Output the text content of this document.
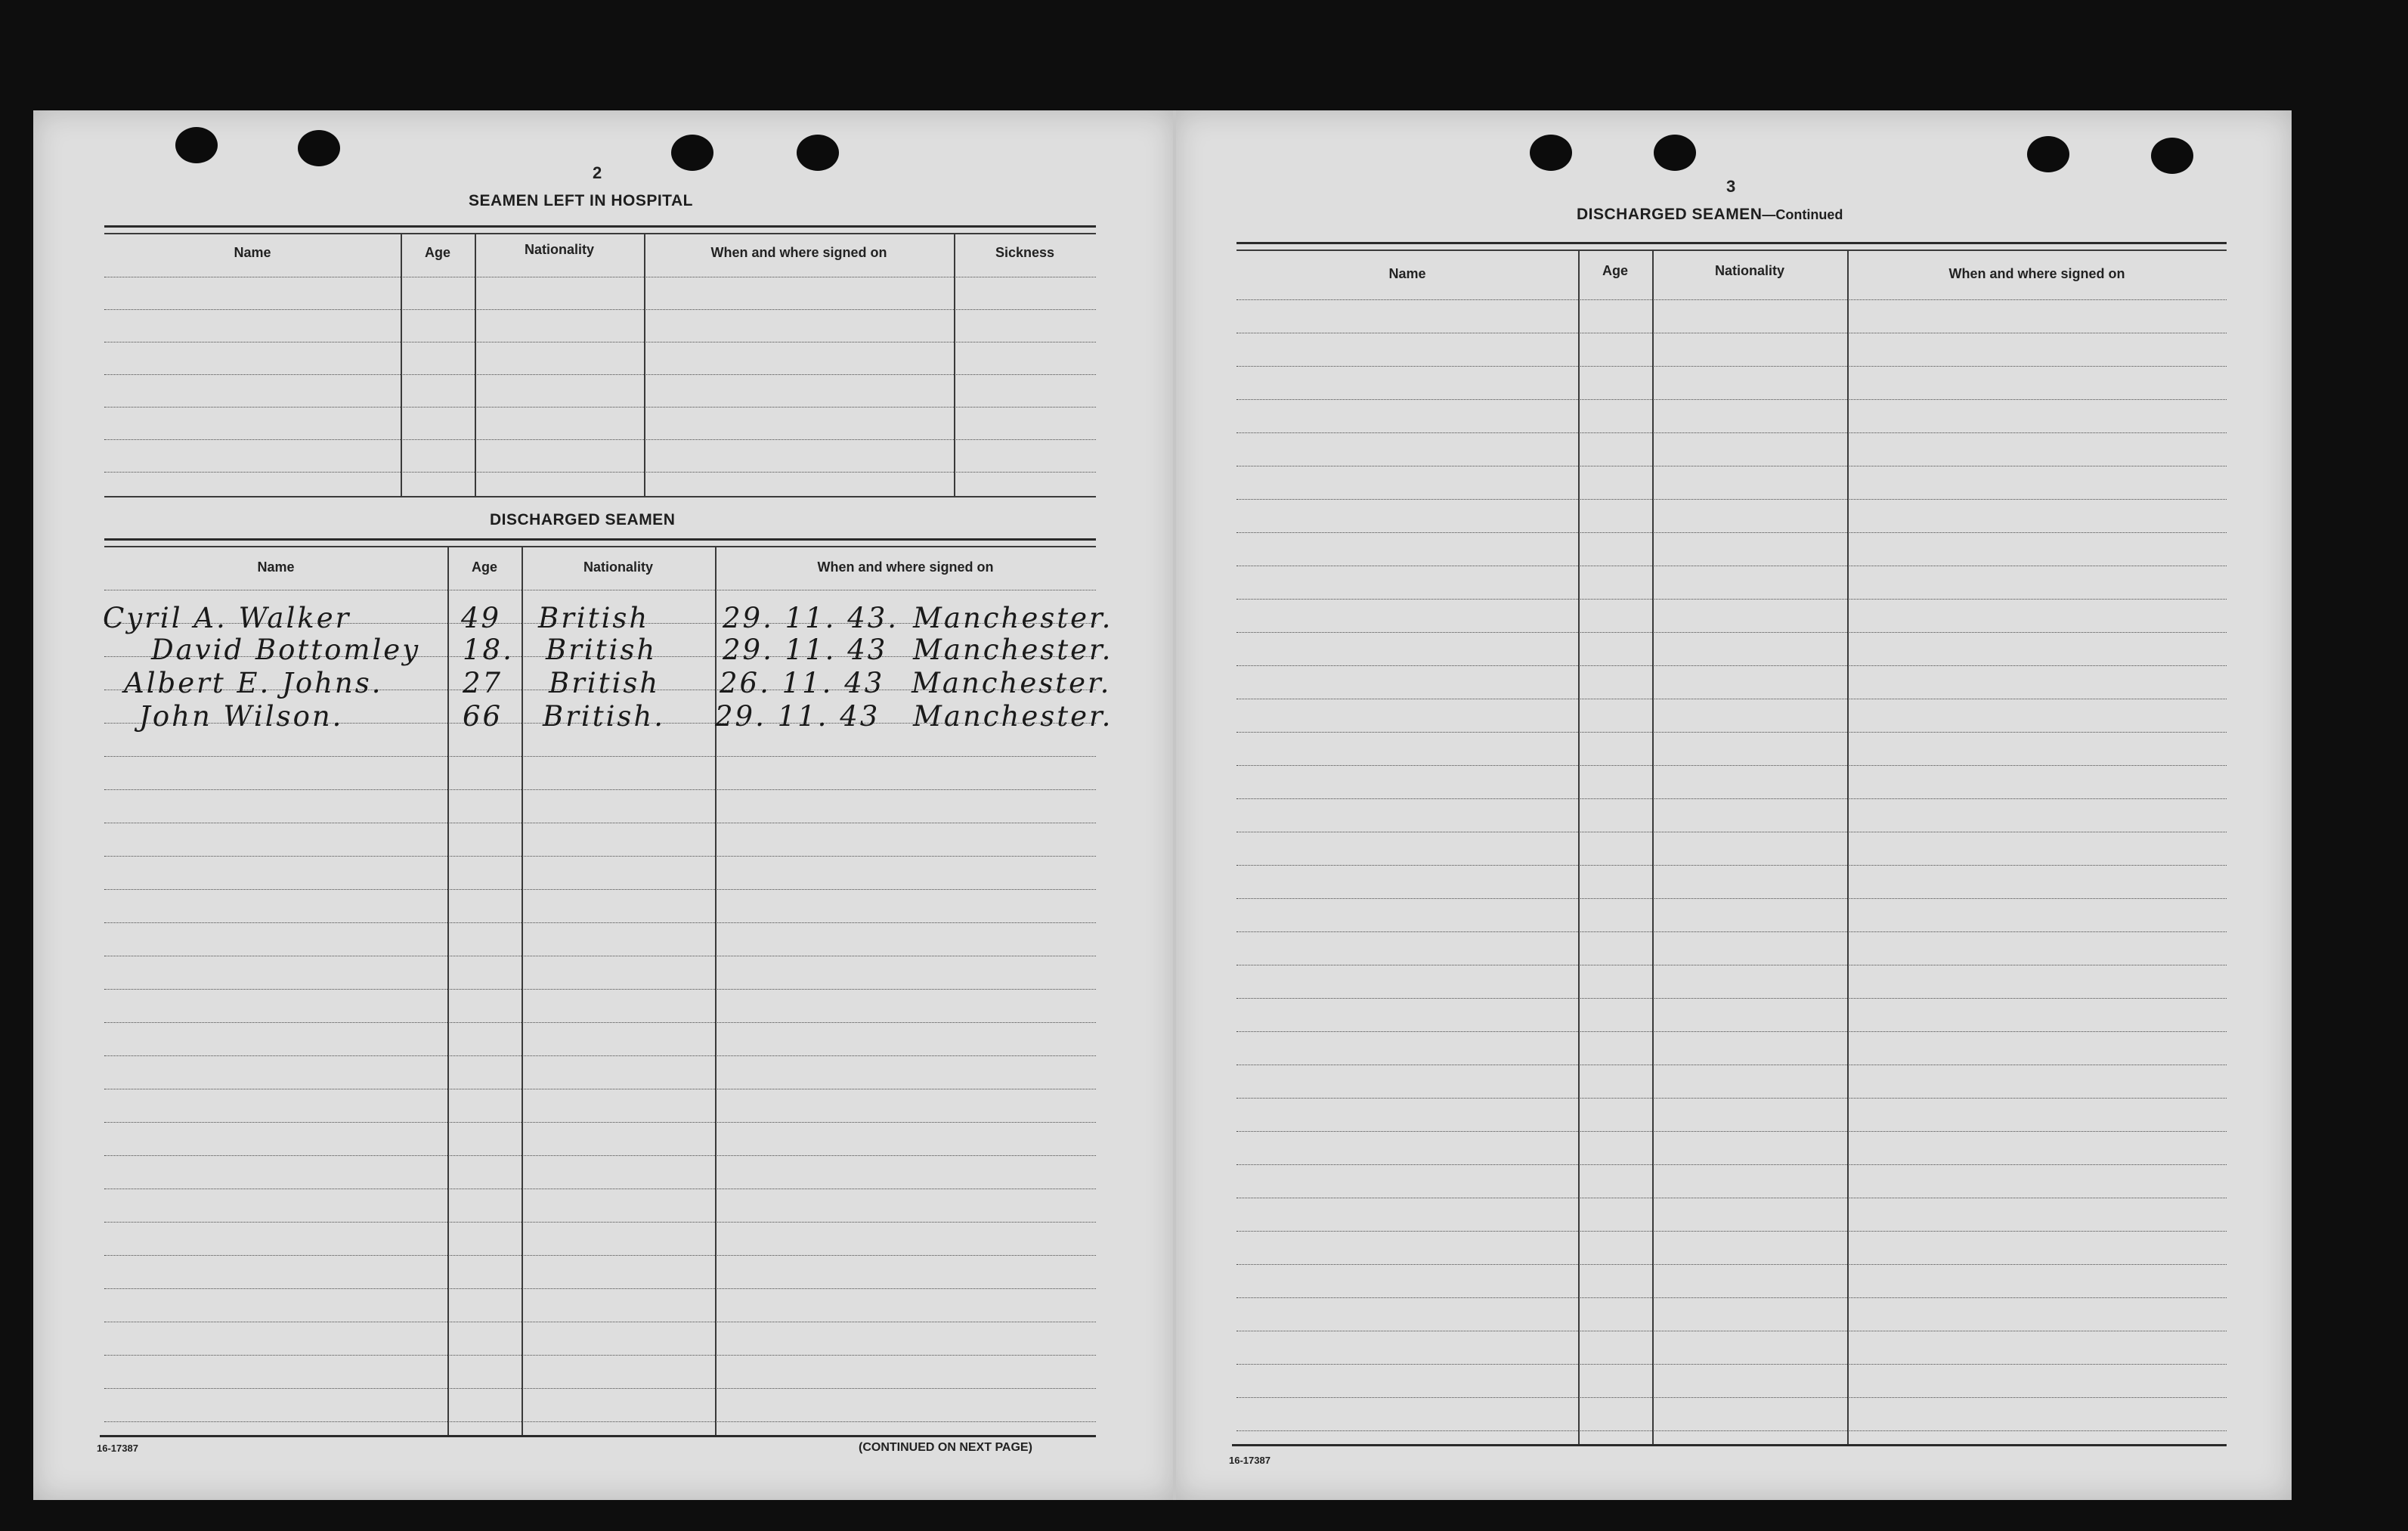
2
SEAMEN LEFT IN HOSPITAL
Name	Age	Nationality	When and where signed on	Sickness
DISCHARGED SEAMEN
Name	Age	Nationality	When and where signed on
Cyril A. Walker	49 British	29. 11. 43. Manchester.
David Bottomley 18. British 29. 11. 43 Manchester.
Albert E. Johns.	27 British 26. 11. 43 Manchester.
John Wilson.	66 British. 29. 11. 43 Manchester.
16-17387	(CONTINUED ON NEXT PAGE)
3
DISCHARGED SEAMEN—Continued
Name	Age	Nationality	When and where signed on
16-17387
